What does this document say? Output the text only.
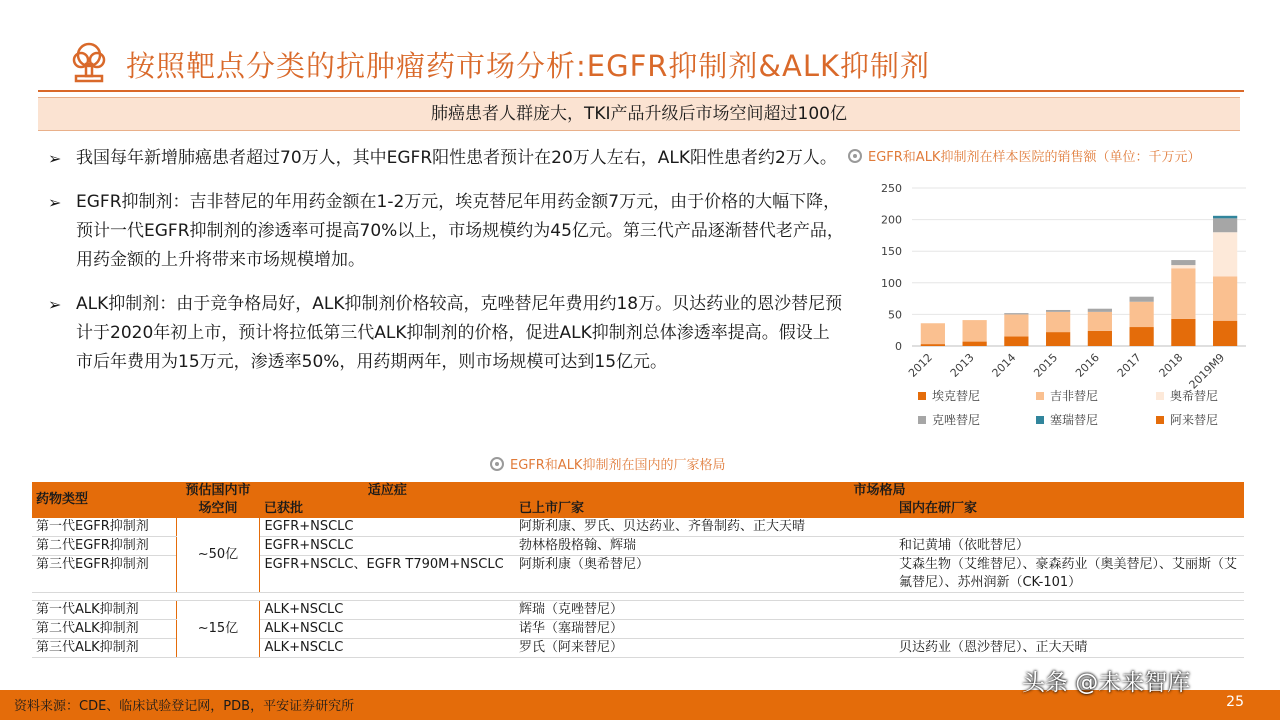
按照靶点分类的抗肿瘤药市场分析:EGFR抑制剂&ALK抑制剂
肺癌患者人群庞大，TKI产品升级后市场空间超过100亿
➢ 我国每年新增肺癌患者超过70万人，其中EGFR阳性患者预计在20万人左右，ALK阳性患者约2万人。
➢ EGFR抑制剂：吉非替尼的年用药金额在1-2万元，埃克替尼年用药金额7万元，由于价格的大幅下降，预计一代EGFR抑制剂的渗透率可提高70%以上，市场规模约为45亿元。第三代产品逐渐替代老产品，用药金额的上升将带来市场规模增加。
➢ ALK抑制剂：由于竞争格局好，ALK抑制剂价格较高，克唑替尼年费用约18万。贝达药业的恩沙替尼预计于2020年初上市，预计将拉低第三代ALK抑制剂的价格，促进ALK抑制剂总体渗透率提高。假设上市后年费用为15万元，渗透率50%，用药期两年，则市场规模可达到15亿元。
EGFR和ALK抑制剂在样本医院的销售额（单位：千万元）
0
50
100
150
200
250
2012 2013 2014 2015 2016 2017 2018 2019M9
埃克替尼	吉非替尼	奥希替尼
克唑替尼	塞瑞替尼	阿来替尼
EGFR和ALK抑制剂在国内的厂家格局
药物类型	预估国内市场空间	适应症	市场格局	
		已获批	已上市厂家	国内在研厂家
第一代EGFR抑制剂	~50亿	EGFR+NSCLC	阿斯利康、罗氏、贝达药业、齐鲁制药、正大天晴	
第二代EGFR抑制剂		EGFR+NSCLC	勃林格殷格翰、辉瑞	和记黄埔（依吡替尼）
第三代EGFR抑制剂		EGFR+NSCLC、EGFR T790M+NSCLC	阿斯利康（奥希替尼）	艾森生物（艾维替尼）、豪森药业（奥美替尼）、艾丽斯（艾氟替尼）、苏州润新（CK-101）

第一代ALK抑制剂	~15亿	ALK+NSCLC	辉瑞（克唑替尼）	
第二代ALK抑制剂		ALK+NSCLC	诺华（塞瑞替尼）	
第三代ALK抑制剂		ALK+NSCLC	罗氏（阿来替尼）	贝达药业（恩沙替尼）、正大天晴
资料来源：CDE、临床试验登记网，PDB，平安证券研究所	25
头条 @未来智库
